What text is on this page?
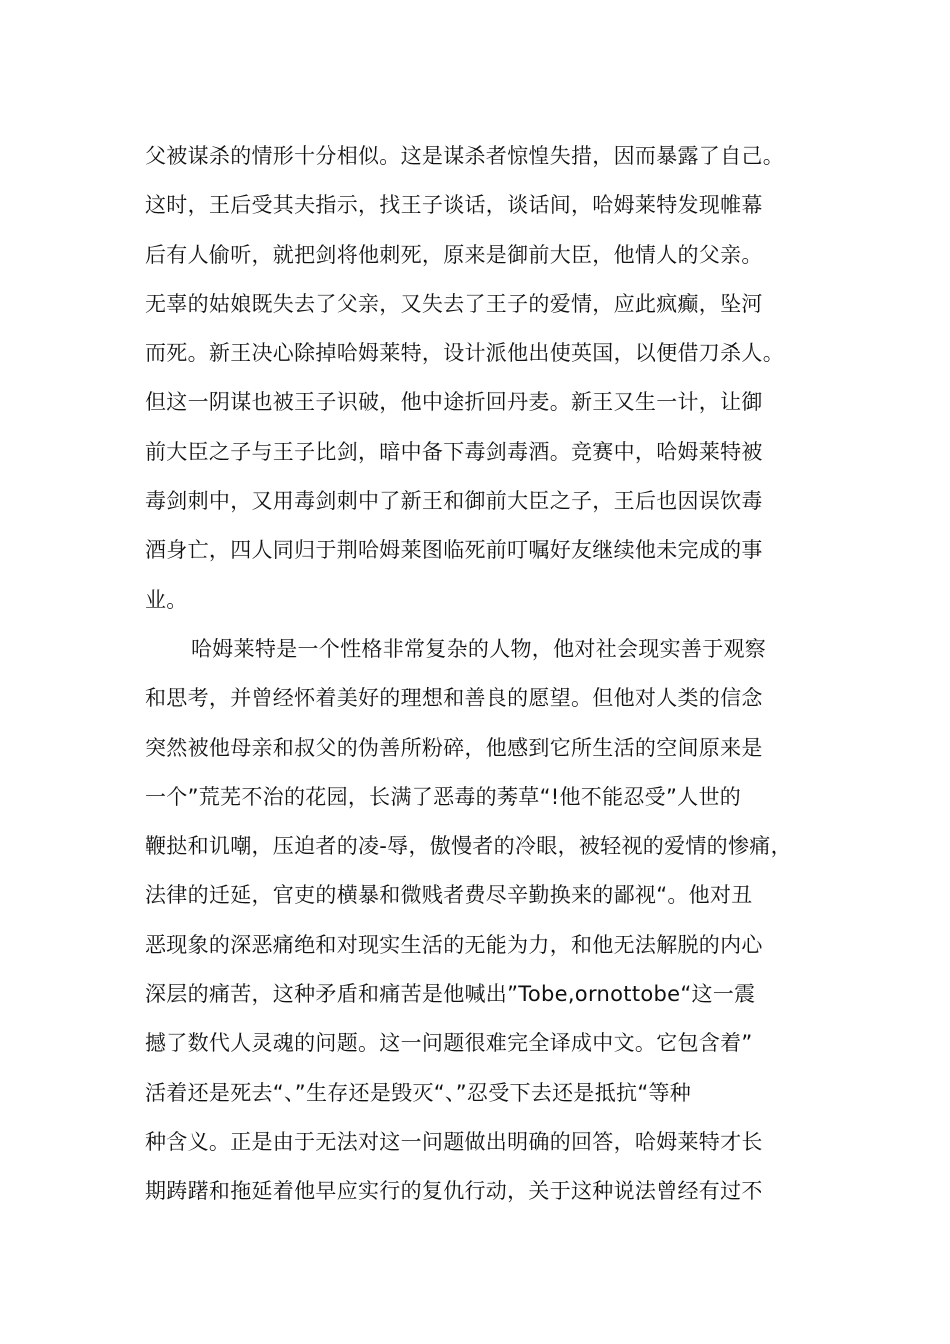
父被谋杀的情形十分相似。这是谋杀者惊惶失措，因而暴露了自己。
这时，王后受其夫指示，找王子谈话，谈话间，哈姆莱特发现帷幕
后有人偷听，就把剑将他刺死，原来是御前大臣，他情人的父亲。
无辜的姑娘既失去了父亲，又失去了王子的爱情，应此疯癫，坠河
而死。新王决心除掉哈姆莱特，设计派他出使英国，以便借刀杀人。
但这一阴谋也被王子识破，他中途折回丹麦。新王又生一计，让御
前大臣之子与王子比剑，暗中备下毒剑毒酒。竞赛中，哈姆莱特被
毒剑刺中，又用毒剑刺中了新王和御前大臣之子，王后也因误饮毒
酒身亡，四人同归于荆哈姆莱图临死前叮嘱好友继续他未完成的事
业。
哈姆莱特是一个性格非常复杂的人物，他对社会现实善于观察
和思考，并曾经怀着美好的理想和善良的愿望。但他对人类的信念
突然被他母亲和叔父的伪善所粉碎，他感到它所生活的空间原来是
一个”荒芜不治的花园，长满了恶毒的莠草“!他不能忍受”人世的
鞭挞和讥嘲，压迫者的凌-辱，傲慢者的冷眼，被轻视的爱情的惨痛，
法律的迁延，官吏的横暴和微贱者费尽辛勤换来的鄙视“。他对丑
恶现象的深恶痛绝和对现实生活的无能为力，和他无法解脱的内心
深层的痛苦，这种矛盾和痛苦是他喊出”Tobe,ornottobe“这一震
撼了数代人灵魂的问题。这一问题很难完全译成中文。它包含着”
活着还是死去“、”生存还是毁灭“、”忍受下去还是抵抗“等种
种含义。正是由于无法对这一问题做出明确的回答，哈姆莱特才长
期踌躇和拖延着他早应实行的复仇行动，关于这种说法曾经有过不
